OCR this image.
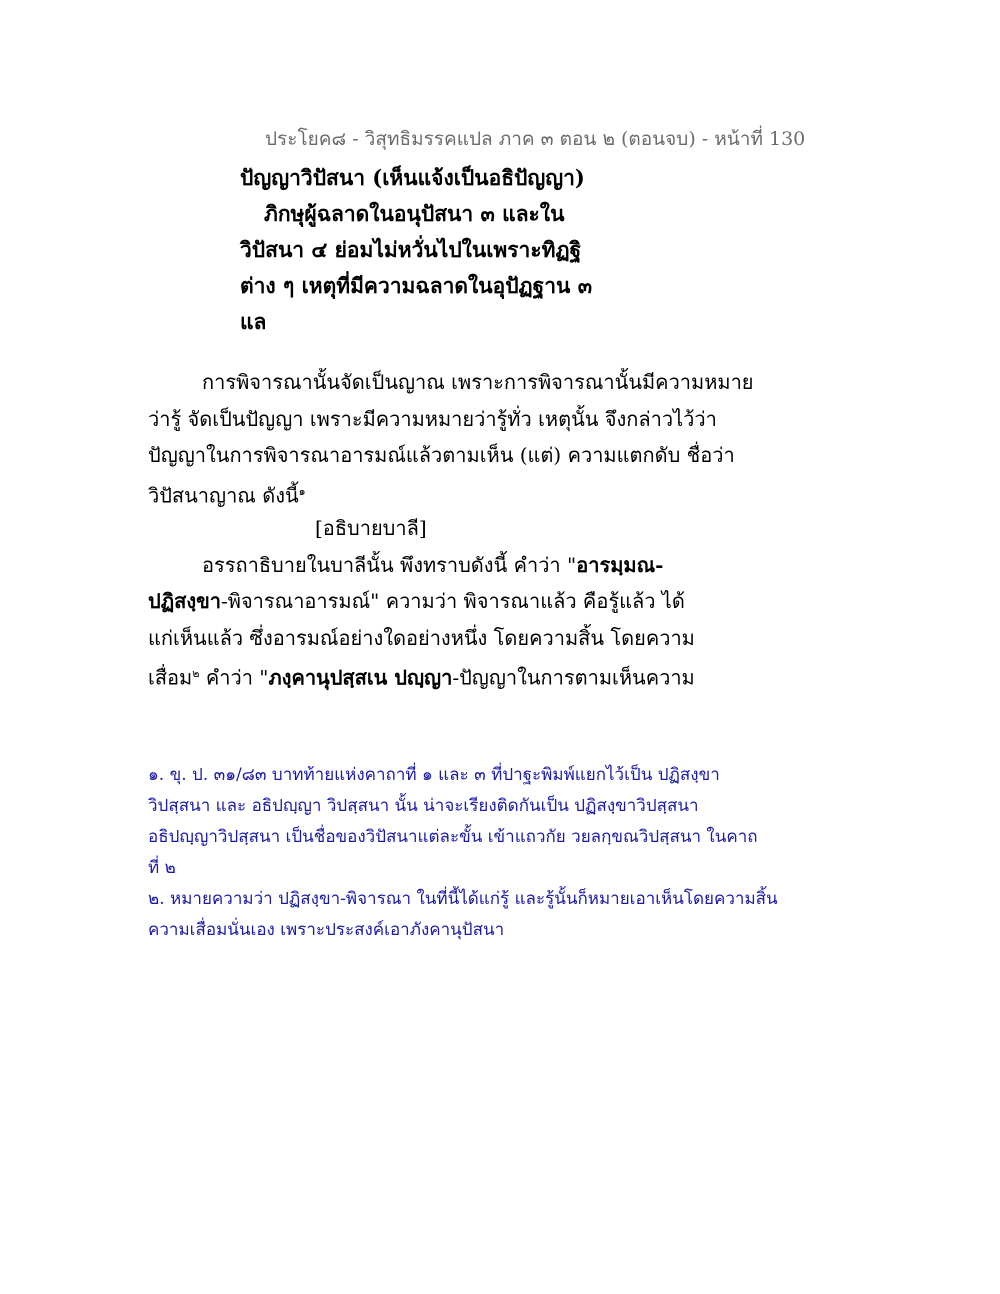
ประโยค๘ - วิสุทธิมรรคแปล ภาค ๓ ตอน ๒ (ตอนจบ) - หน้าที่ 130
ปัญญาวิปัสนา (เห็นแจ้งเป็นอธิปัญญา)
ภิกษุผู้ฉลาดในอนุปัสนา ๓ และใน
วิปัสนา ๔ ย่อมไม่หวั่นไปในเพราะทิฏฐิ
ต่าง ๆ เหตุที่มีความฉลาดในอุปัฏฐาน ๓
แล
การพิจารณานั้นจัดเป็นญาณ เพราะการพิจารณานั้นมีความหมาย
ว่ารู้ จัดเป็นปัญญา เพราะมีความหมายว่ารู้ทั่ว เหตุนั้น จึงกล่าวไว้ว่า
ปัญญาในการพิจารณาอารมณ์แล้วตามเห็น (แต่) ความแตกดับ ชื่อว่า
วิปัสนาญาณ ดังนี้$^๑$
[อธิบายบาลี]
อรรถาธิบายในบาลีนั้น พึงทราบดังนี้ คำว่า "อารมฺมณ-
ปฏิสงฺขา-พิจารณาอารมณ์" ความว่า พิจารณาแล้ว คือรู้แล้ว ได้
แก่เห็นแล้ว ซึ่งอารมณ์อย่างใดอย่างหนึ่ง โดยความสิ้น โดยความ
เสื่อม$^๒$ คำว่า "ภงฺคานุปสฺสเน ปญฺญา-ปัญญาในการตามเห็นความ
๑. ขุ. ป. ๓๑/๘๓ บาทท้ายแห่งคาถาที่ ๑ และ ๓ ที่ปาฐะพิมพ์แยกไว้เป็น ปฏิสงฺขา
วิปสฺสนา และ อธิปญฺญา วิปสฺสนา นั้น น่าจะเรียงติดกันเป็น ปฏิสงฺขาวิปสฺสนา
อธิปญฺญาวิปสฺสนา เป็นชื่อของวิปัสนาแต่ละขั้น เข้าแถวกัย วยลกฺขณวิปสฺสนา ในคาถ
ที่ ๒
๒. หมายความว่า ปฏิสงฺขา-พิจารณา ในที่นี้ได้แก่รู้ และรู้นั้นก็หมายเอาเห็นโดยความสิ้น
ความเสื่อมนั่นเอง เพราะประสงค์เอาภังคานุปัสนา
